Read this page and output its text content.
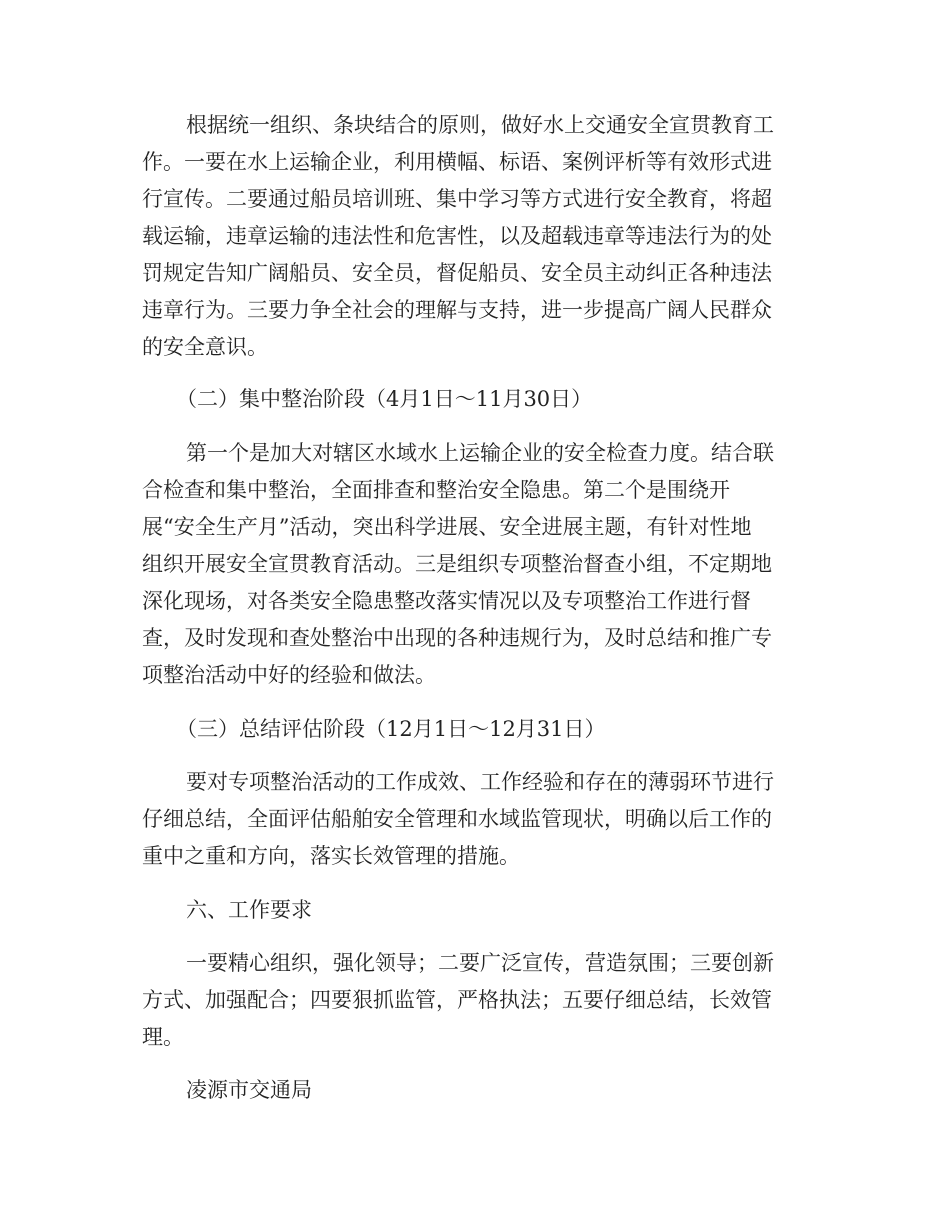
根据统一组织、条块结合的原则，做好水上交通安全宣贯教育工

作。一要在水上运输企业，利用横幅、标语、案例评析等有效形式进

行宣传。二要通过船员培训班、集中学习等方式进行安全教育，将超

载运输，违章运输的违法性和危害性，以及超载违章等违法行为的处

罚规定告知广阔船员、安全员，督促船员、安全员主动纠正各种违法

违章行为。三要力争全社会的理解与支持，进一步提高广阔人民群众

的安全意识。

（二）集中整治阶段（4月1日～11月30日）

第一个是加大对辖区水域水上运输企业的安全检查力度。结合联

合检查和集中整治，全面排查和整治安全隐患。第二个是围绕开

展“安全生产月”活动，突出科学进展、安全进展主题，有针对性地

组织开展安全宣贯教育活动。三是组织专项整治督查小组，不定期地

深化现场，对各类安全隐患整改落实情况以及专项整治工作进行督

查，及时发现和查处整治中出现的各种违规行为，及时总结和推广专

项整治活动中好的经验和做法。

（三）总结评估阶段（12月1日～12月31日）

要对专项整治活动的工作成效、工作经验和存在的薄弱环节进行

仔细总结，全面评估船舶安全管理和水域监管现状，明确以后工作的

重中之重和方向，落实长效管理的措施。

六、工作要求

一要精心组织，强化领导；二要广泛宣传，营造氛围；三要创新

方式、加强配合；四要狠抓监管，严格执法；五要仔细总结，长效管

理。

凌源市交通局
